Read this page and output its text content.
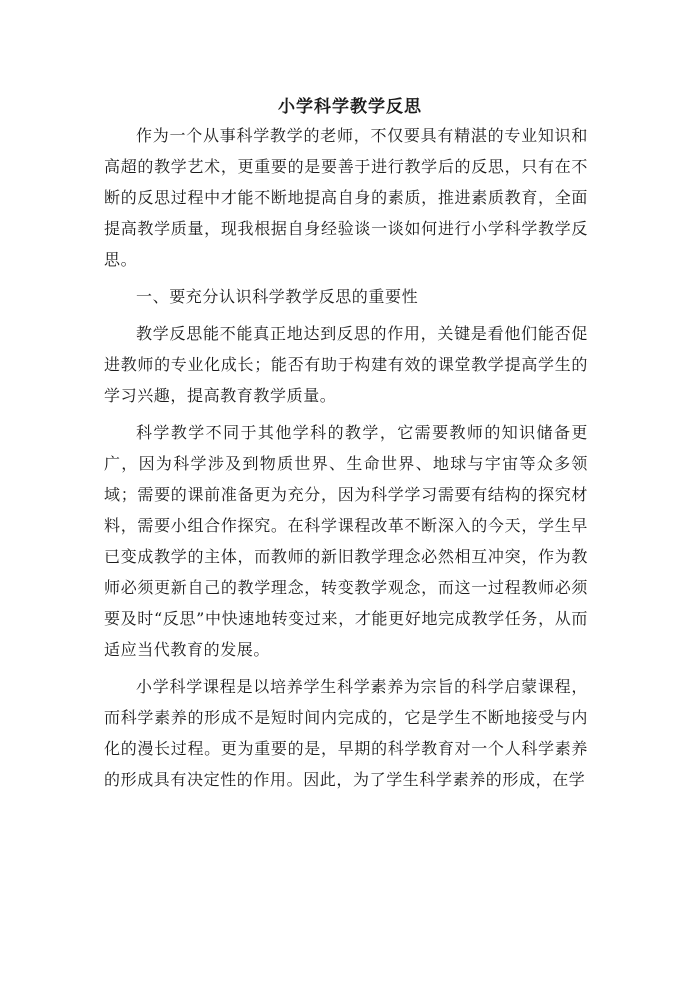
小学科学教学反思

作为一个从事科学教学的老师，不仅要具有精湛的专业知识和高超的教学艺术，更重要的是要善于进行教学后的反思，只有在不断的反思过程中才能不断地提高自身的素质，推进素质教育，全面提高教学质量，现我根据自身经验谈一谈如何进行小学科学教学反思。

一、要充分认识科学教学反思的重要性

教学反思能不能真正地达到反思的作用，关键是看他们能否促进教师的专业化成长；能否有助于构建有效的课堂教学提高学生的学习兴趣，提高教育教学质量。

科学教学不同于其他学科的教学，它需要教师的知识储备更广，因为科学涉及到物质世界、生命世界、地球与宇宙等众多领域；需要的课前准备更为充分，因为科学学习需要有结构的探究材料，需要小组合作探究。在科学课程改革不断深入的今天，学生早已变成教学的主体，而教师的新旧教学理念必然相互冲突，作为教师必须更新自己的教学理念，转变教学观念，而这一过程教师必须要及时“反思”中快速地转变过来，才能更好地完成教学任务，从而适应当代教育的发展。

小学科学课程是以培养学生科学素养为宗旨的科学启蒙课程，而科学素养的形成不是短时间内完成的，它是学生不断地接受与内化的漫长过程。更为重要的是，早期的科学教育对一个人科学素养的形成具有决定性的作用。因此，为了学生科学素养的形成，在学
